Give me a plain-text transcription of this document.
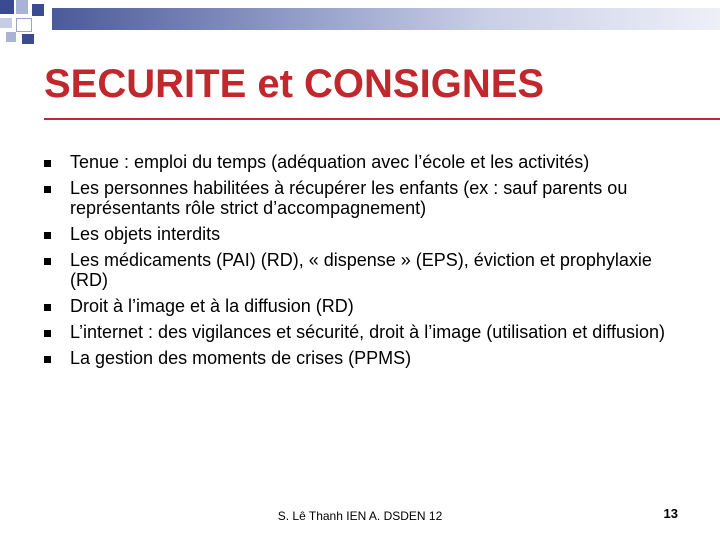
SECURITE et CONSIGNES
Tenue : emploi du temps (adéquation avec l’école et les activités)
Les personnes habilitées à récupérer les enfants (ex : sauf parents ou représentants rôle strict d’accompagnement)
Les objets interdits
Les médicaments (PAI) (RD), « dispense » (EPS), éviction et prophylaxie (RD)
Droit à l’image et à la diffusion (RD)
L’internet : des vigilances et sécurité, droit à l’image (utilisation et diffusion)
La gestion des moments de crises (PPMS)
S. Lê Thanh IEN A. DSDEN 12	13
